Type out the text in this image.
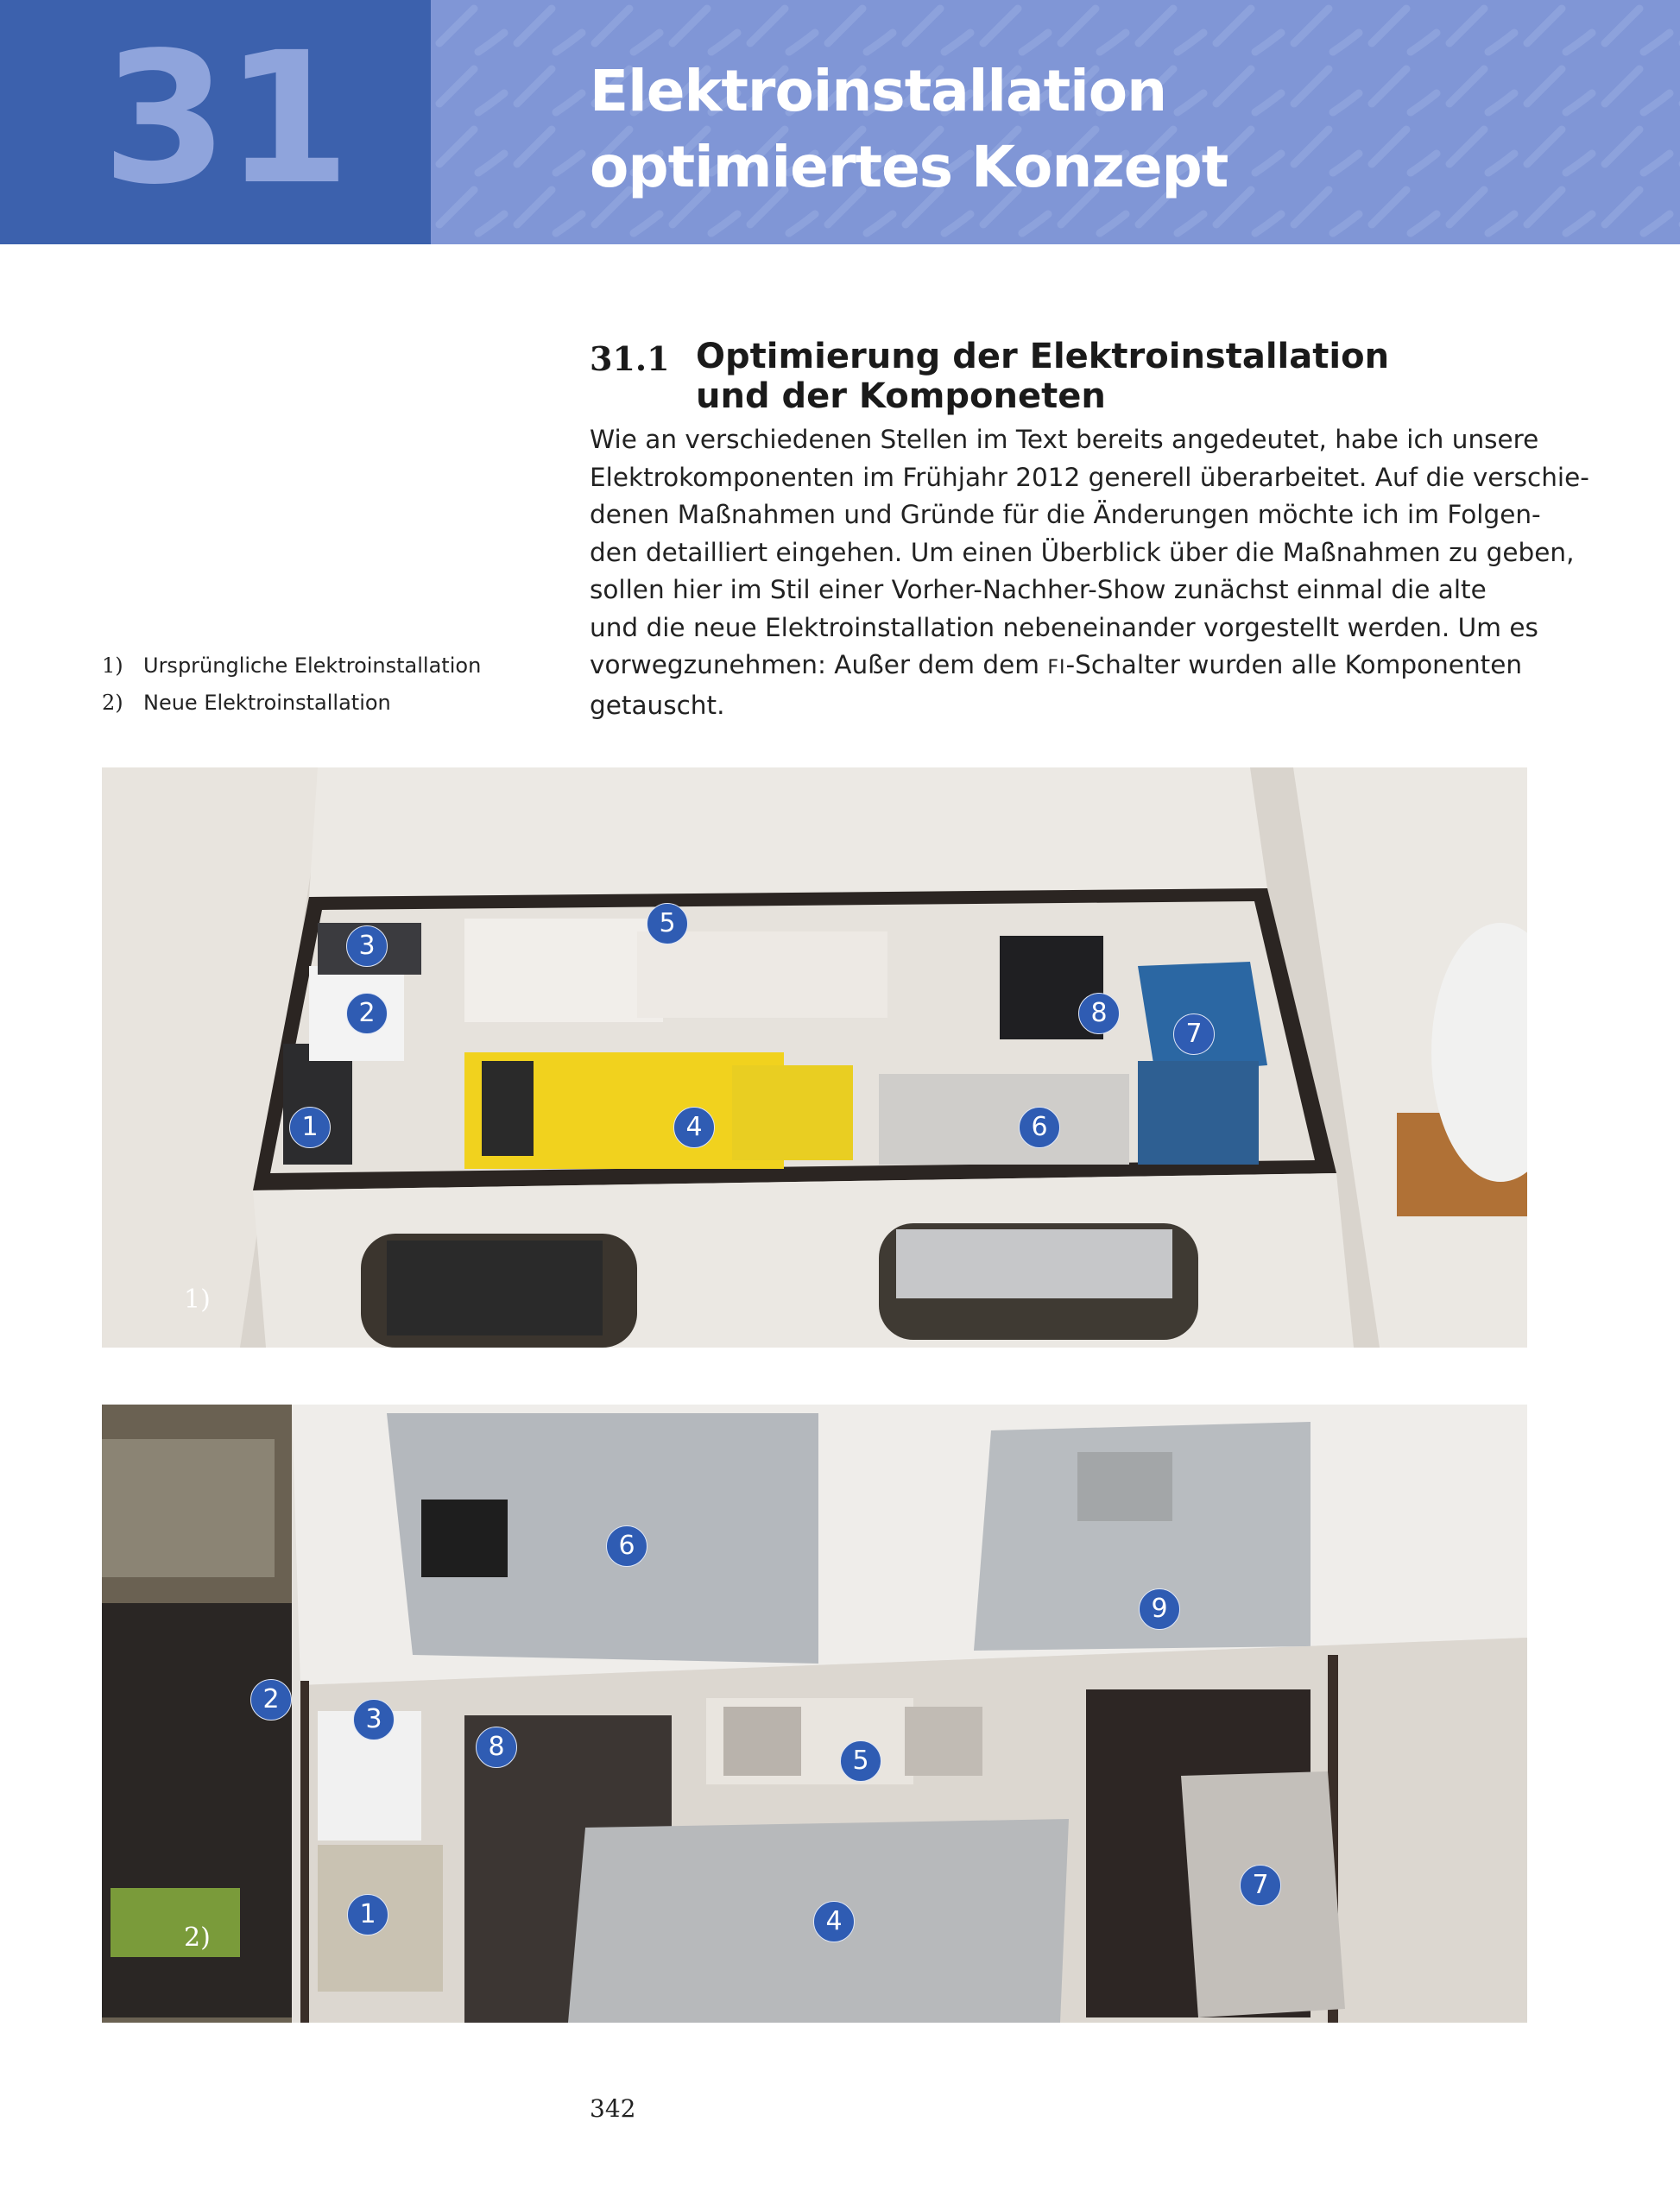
31	Elektroinstallation
optimiertes Konzept
31.1 Optimierung der Elektroinstallation
und der Komponeten
Wie an verschiedenen Stellen im Text bereits angedeutet, habe ich unsere
Elektrokomponenten im Frühjahr 2012 generell überarbeitet. Auf die verschie-
denen Maßnahmen und Gründe für die Änderungen möchte ich im Folgen-
den detailliert eingehen. Um einen Überblick über die Maßnahmen zu geben,
sollen hier im Stil einer Vorher-Nachher-Show zunächst einmal die alte
und die neue Elektroinstallation nebeneinander vorgestellt werden. Um es
vorwegzunehmen: Außer dem dem FI-Schalter wurden alle Komponenten
getauscht.
1) Ursprüngliche Elektroinstallation
2) Neue Elektroinstallation
1
2
3
4
5
6
7
8
1)
1
2
3
4
5
6
7
8
9
2)
342
